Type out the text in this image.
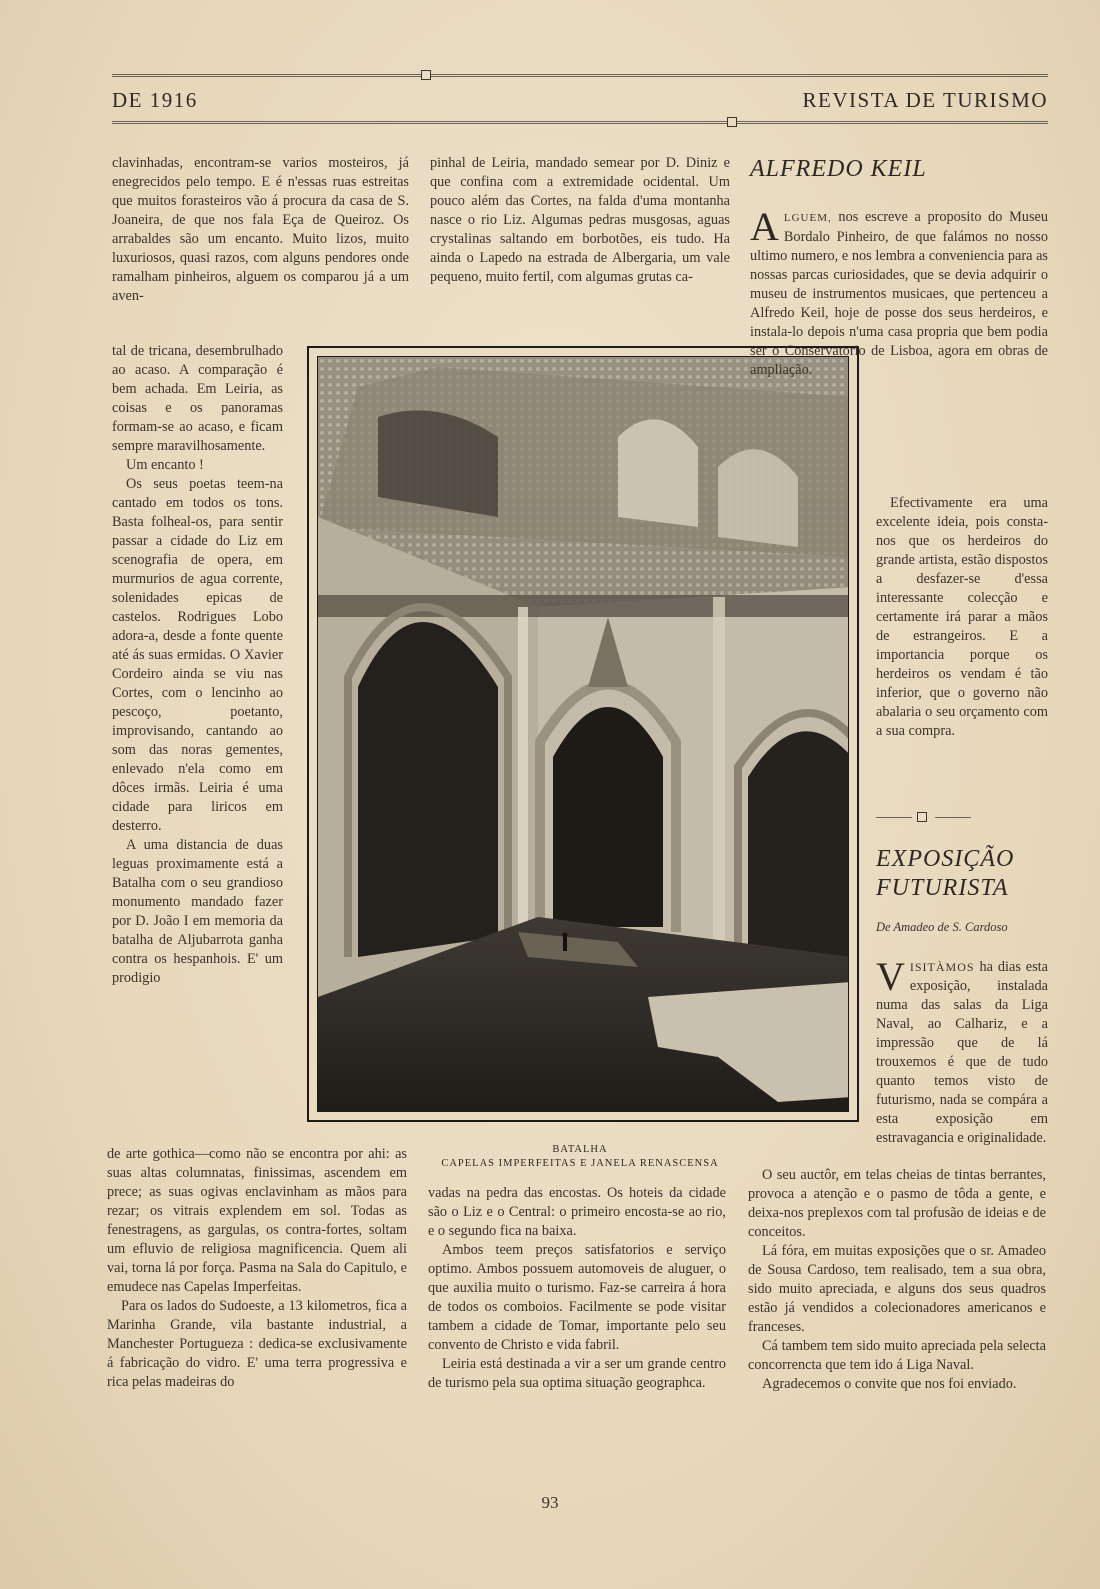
DE 1916	REVISTA DE TURISMO

clavinhadas, encontram-se varios mosteiros, já enegrecidos pelo tempo. E é n'essas ruas estreitas que muitos forasteiros vão á procura da casa de S. Joaneira, de que nos fala Eça de Queiroz. Os arrabaldes são um encanto. Muito lizos, muito luxuriosos, quasi razos, com alguns pendores onde ramalham pinheiros, alguem os comparou já a um aven-

tal de tricana, desembrulhado ao acaso. A comparação é bem achada. Em Leiria, as coisas e os panoramas formam-se ao acaso, e ficam sempre maravilhosamente.

Um encanto !

Os seus poetas teem-na cantado em todos os tons. Basta folheal-os, para sentir passar a cidade do Liz em scenografia de opera, em murmurios de agua corrente, solenidades epicas de castelos. Rodrigues Lobo adora-a, desde a fonte quente até ás suas ermidas. O Xavier Cordeiro ainda se viu nas Cortes, com o lencinho ao pescoço, poetanto, improvisando, cantando ao som das noras gementes, enlevado n'ela como em dôces irmãs. Leiria é uma cidade para liricos em desterro.

A uma distancia de duas leguas proximamente está a Batalha com o seu grandioso monumento mandado fazer por D. João I em memoria da batalha de Aljubarrota ganha contra os hespanhois. E' um prodigio

de arte gothica—como não se encontra por ahi: as suas altas columnatas, finissimas, ascendem em prece; as suas ogivas enclavinham as mãos para rezar; os vitrais explendem em sol. Todas as fenestragens, as gargulas, os contra-fortes, soltam um efluvio de religiosa magnificencia. Quem ali vai, torna lá por força. Pasma na Sala do Capitulo, e emudece nas Capelas Imperfeitas.

Para os lados do Sudoeste, a 13 kilometros, fica a Marinha Grande, vila bastante industrial, a Manchester Portugueza : dedica-se exclusivamente á fabricação do vidro. E' uma terra progressiva e rica pelas madeiras do

pinhal de Leiria, mandado semear por D. Diniz e que confina com a extremidade ocidental. Um pouco além das Cortes, na falda d'uma montanha nasce o rio Liz. Algumas pedras musgosas, aguas crystalinas saltando em borbotões, eis tudo. Ha ainda o Lapedo na estrada de Albergaria, um vale pequeno, muito fertil, com algumas grutas ca-

BATALHA
CAPELAS IMPERFEITAS E JANELA RENASCENSA

vadas na pedra das encostas. Os hoteis da cidade são o Liz e o Central: o primeiro encosta-se ao rio, e o segundo fica na baixa.

Ambos teem preços satisfatorios e serviço optimo. Ambos possuem automoveis de aluguer, o que auxilia muito o turismo. Faz-se carreira á hora de todos os comboios. Facilmente se pode visitar tambem a cidade de Tomar, importante pelo seu convento de Christo e vida fabril.

Leiria está destinada a vir a ser um grande centro de turismo pela sua optima situação geographca.

ALFREDO KEIL

ALGUEM, nos escreve a proposito do Museu Bordalo Pinheiro, de que falámos no nosso ultimo numero, e nos lembra a conveniencia para as nossas parcas curiosidades, que se devia adquirir o museu de instrumentos musicaes, que pertenceu a Alfredo Keil, hoje de posse dos seus herdeiros, e instala-lo depois n'uma casa propria que bem podia ser o Conservatorio de Lisboa, agora em obras de ampliação.

Efectivamente era uma excelente ideia, pois consta-nos que os herdeiros do grande artista, estão dispostos a desfazer-se d'essa interessante colecção e certamente irá parar a mãos de estrangeiros. E a importancia porque os herdeiros os vendam é tão inferior, que o governo não abalaria o seu orçamento com a sua compra.

EXPOSIÇÃO
FUTURISTA
De Amadeo de S. Cardoso

VISITÀMOS ha dias esta exposição, instalada numa das salas da Liga Naval, ao Calhariz, e a impressão que de lá trouxemos é que de tudo quanto temos visto de futurismo, nada se compára a esta exposição em estravagancia e originalidade.

O seu auctôr, em telas cheias de tintas berrantes, provoca a atenção e o pasmo de tôda a gente, e deixa-nos preplexos com tal profusão de ideias e de conceitos.

Lá fóra, em muitas exposições que o sr. Amadeo de Sousa Cardoso, tem realisado, tem a sua obra, sido muito apreciada, e alguns dos seus quadros estão já vendidos a colecionadores americanos e franceses.

Cá tambem tem sido muito apreciada pela selecta concorrencta que tem ido á Liga Naval.

Agradecemos o convite que nos foi enviado.

93
